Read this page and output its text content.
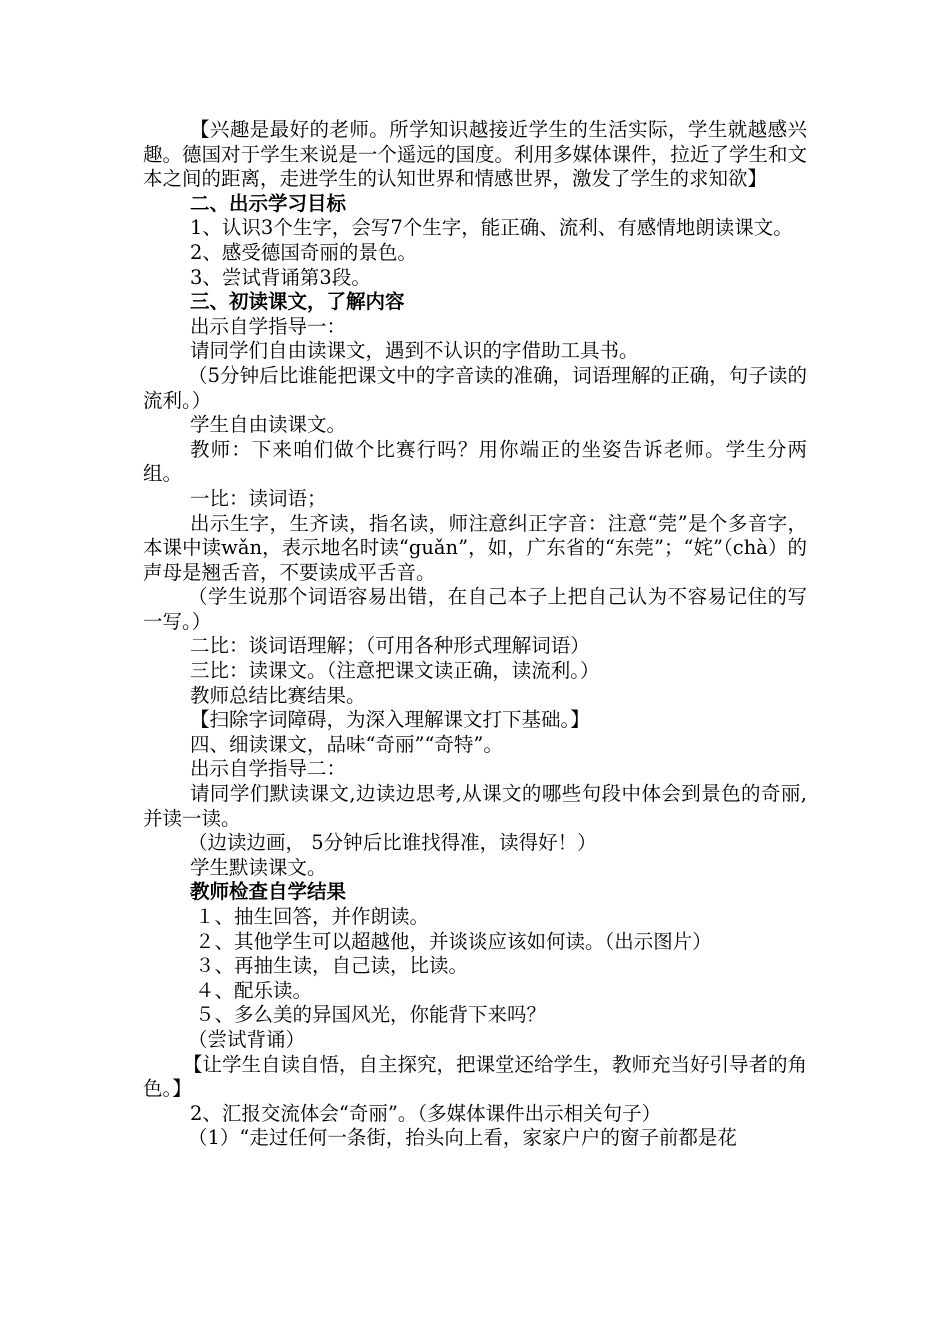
【兴趣是最好的老师。所学知识越接近学生的生活实际，学生就越感兴趣。德国对于学生来说是一个遥远的国度。利用多媒体课件，拉近了学生和文本之间的距离，走进学生的认知世界和情感世界，激发了学生的求知欲】

二、出示学习目标

1、认识3个生字，会写7个生字，能正确、流利、有感情地朗读课文。

2、感受德国奇丽的景色。

3、尝试背诵第3段。

三、初读课文，了解内容

出示自学指导一：

请同学们自由读课文，遇到不认识的字借助工具书。

（5分钟后比谁能把课文中的字音读的准确，词语理解的正确，句子读的流利。）

学生自由读课文。

教师：下来咱们做个比赛行吗？用你端正的坐姿告诉老师。学生分两组。

一比：读词语；

出示生字，生齐读，指名读，师注意纠正字音：注意“莞”是个多音字，本课中读wǎn，表示地名时读“guǎn”，如，广东省的“东莞”；“姹”（chà）的声母是翘舌音，不要读成平舌音。

（学生说那个词语容易出错，在自己本子上把自己认为不容易记住的写一写。）

二比：谈词语理解；（可用各种形式理解词语）

三比：读课文。（注意把课文读正确，读流利。）

教师总结比赛结果。

【扫除字词障碍，为深入理解课文打下基础。】

四、细读课文，品味“奇丽”“奇特”。

出示自学指导二：

请同学们默读课文,边读边思考,从课文的哪些句段中体会到景色的奇丽,并读一读。

（边读边画， 5分钟后比谁找得准，读得好！）

学生默读课文。

教师检查自学结果

１、抽生回答，并作朗读。

２、其他学生可以超越他，并谈谈应该如何读。（出示图片）

３、再抽生读，自己读，比读。

４、配乐读。

５、多么美的异国风光，你能背下来吗？

（尝试背诵）

【让学生自读自悟，自主探究，把课堂还给学生，教师充当好引导者的角色。】

2、汇报交流体会“奇丽”。（多媒体课件出示相关句子）

（1）“走过任何一条街，抬头向上看，家家户户的窗子前都是花
